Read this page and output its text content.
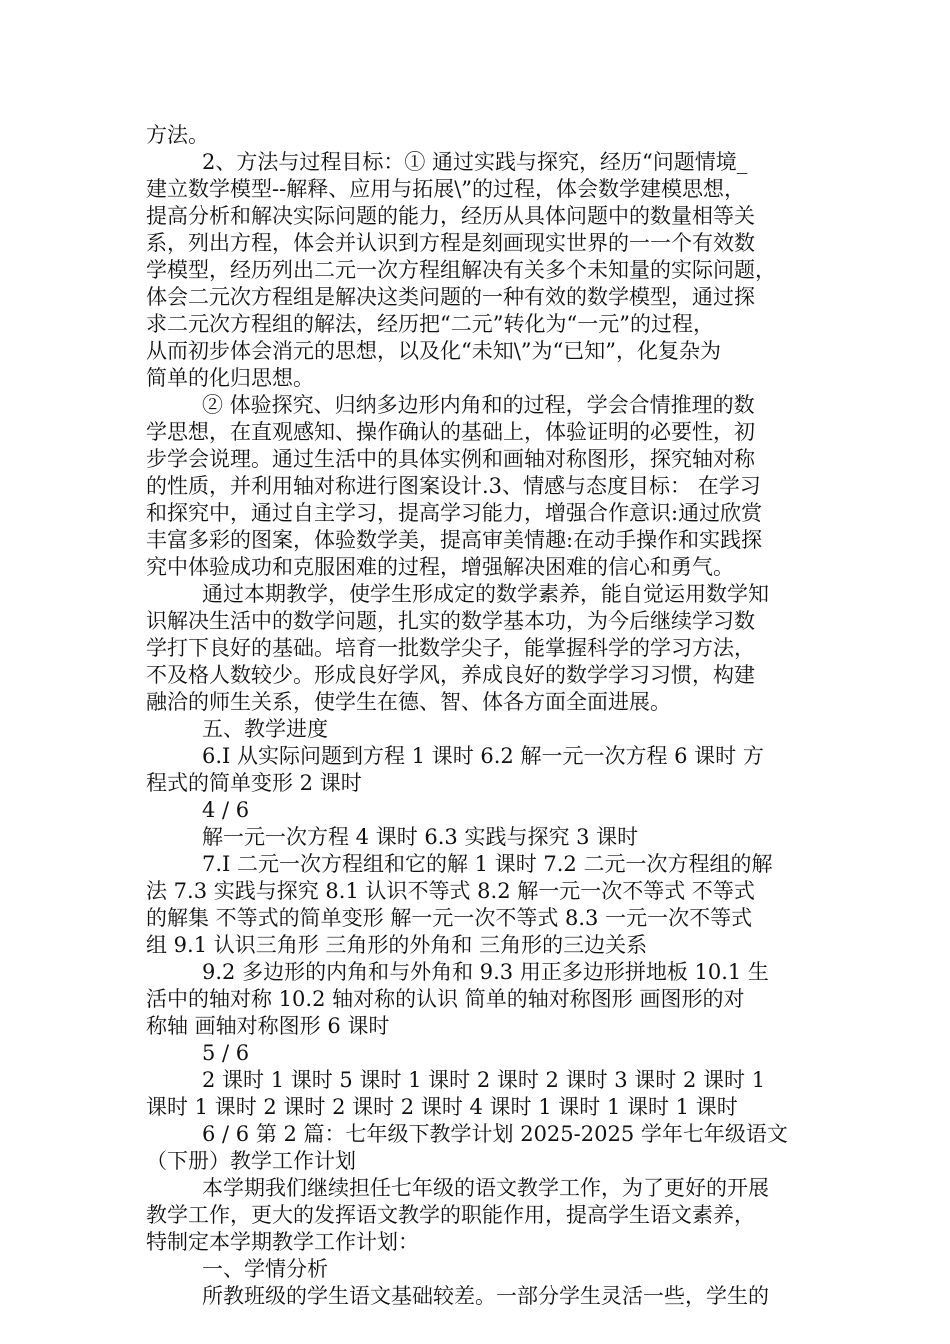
方法。
2、方法与过程目标：① 通过实践与探究，经历“问题情境_
建立数学模型--解释、应用与拓展\”的过程，体会数学建模思想，
提高分析和解决实际问题的能力，经历从具体问题中的数量相等关
系，列出方程，体会并认识到方程是刻画现实世界的一一个有效数
学模型，经历列出二元一次方程组解决有关多个未知量的实际问题，
体会二元次方程组是解决这类问题的一种有效的数学模型，通过探
求二元次方程组的解法，经历把“二元”转化为“一元”的过程，
从而初步体会消元的思想，以及化“未知\”为“已知”，化复杂为
简单的化归思想。
② 体验探究、归纳多边形内角和的过程，学会合情推理的数
学思想，在直观感知、操作确认的基础上，体验证明的必要性，初
步学会说理。通过生活中的具体实例和画轴对称图形，探究轴对称
的性质，并利用轴对称进行图案设计.3、情感与态度目标： 在学习
和探究中，通过自主学习，提高学习能力，增强合作意识:通过欣赏
丰富多彩的图案，体验数学美，提高审美情趣:在动手操作和实践探
究中体验成功和克服困难的过程，增强解决困难的信心和勇气。
通过本期教学，使学生形成定的数学素养，能自觉运用数学知
识解决生活中的数学问题，扎实的数学基本功，为今后继续学习数
学打下良好的基础。培育一批数学尖子，能掌握科学的学习方法，
不及格人数较少。形成良好学风，养成良好的数学学习习惯，构建
融洽的师生关系，使学生在德、智、体各方面全面进展。
五、教学进度
6.I 从实际问题到方程 1 课时 6.2 解一元一次方程 6 课时 方
程式的简单变形 2 课时
4 / 6
解一元一次方程 4 课时 6.3 实践与探究 3 课时
7.I 二元一次方程组和它的解 1 课时 7.2 二元一次方程组的解
法 7.3 实践与探究 8.1 认识不等式 8.2 解一元一次不等式 不等式
的解集 不等式的简单变形 解一元一次不等式 8.3 一元一次不等式
组 9.1 认识三角形 三角形的外角和 三角形的三边关系
9.2 多边形的内角和与外角和 9.3 用正多边形拼地板 10.1 生
活中的轴对称 10.2 轴对称的认识 简单的轴对称图形 画图形的对
称轴 画轴对称图形 6 课时
5 / 6
2 课时 1 课时 5 课时 1 课时 2 课时 2 课时 3 课时 2 课时 1
课时 1 课时 2 课时 2 课时 2 课时 4 课时 1 课时 1 课时 1 课时
6 / 6 第 2 篇：七年级下教学计划 2025-2025 学年七年级语文
（下册）教学工作计划
本学期我们继续担任七年级的语文教学工作，为了更好的开展
教学工作，更大的发挥语文教学的职能作用，提高学生语文素养，
特制定本学期教学工作计划：
一、学情分析
所教班级的学生语文基础较差。一部分学生灵活一些，学生的
